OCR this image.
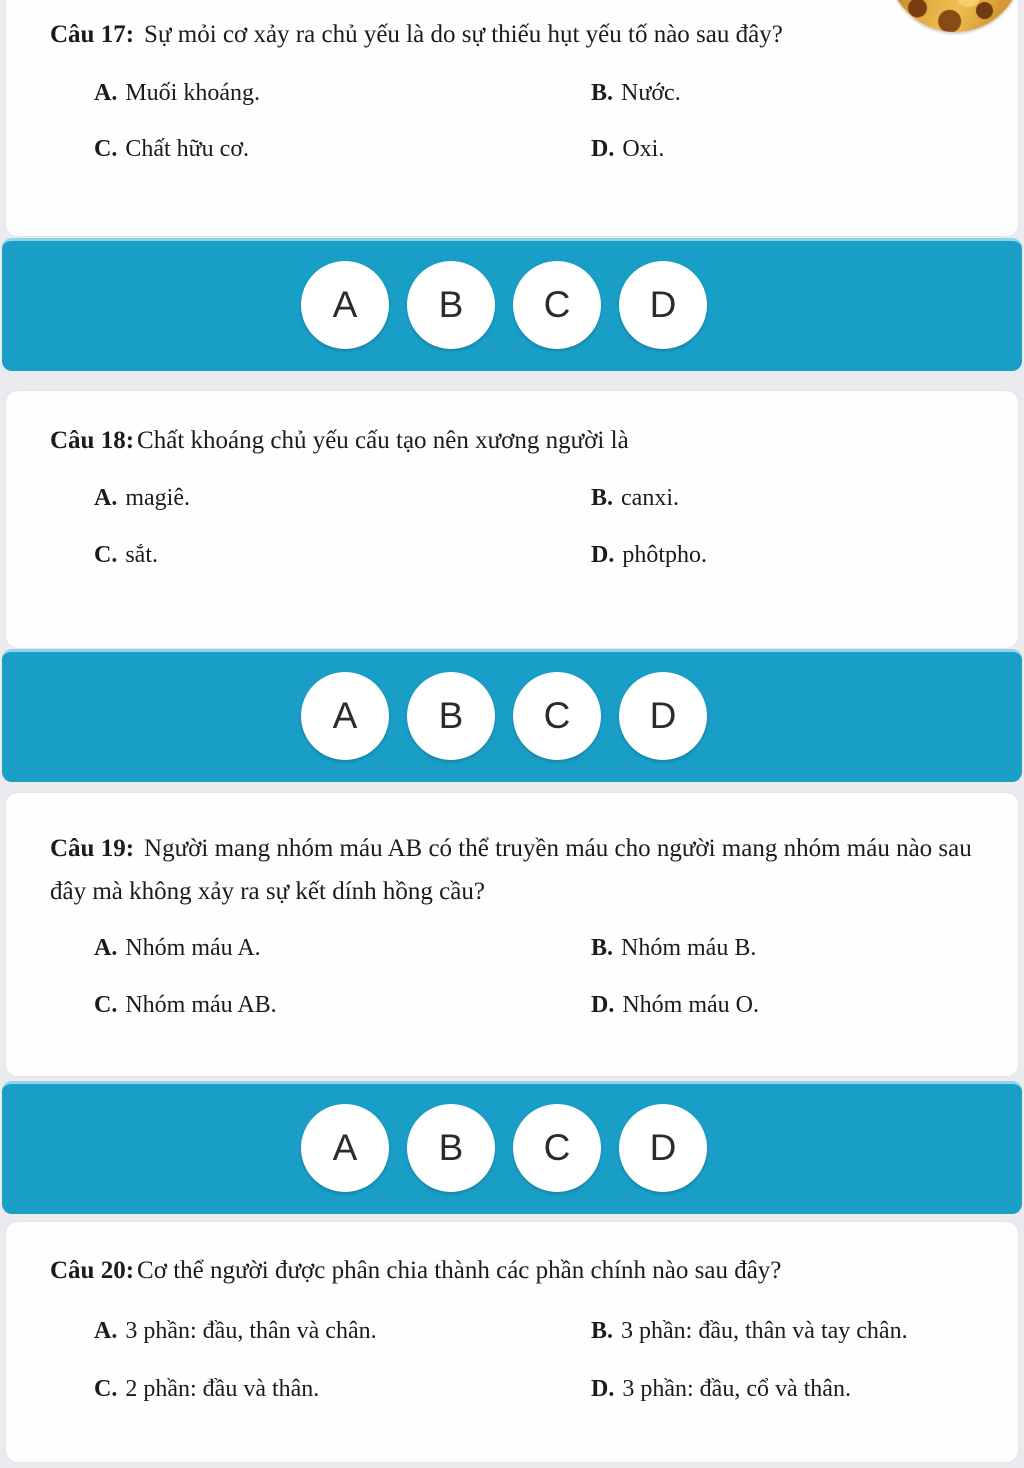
Câu 17: Sự mỏi cơ xảy ra chủ yếu là do sự thiếu hụt yếu tố nào sau đây?

A. Muối khoáng.	B. Nước.
C. Chất hữu cơ.	D. Oxi.
A	B	C	D

Câu 18: Chất khoáng chủ yếu cấu tạo nên xương người là

A. magiê.	B. canxi.
C. sắt.	D. phôtpho.
A	B	C	D

Câu 19: Người mang nhóm máu AB có thể truyền máu cho người mang nhóm máu nào sau đây mà không xảy ra sự kết dính hồng cầu?

A. Nhóm máu A.	B. Nhóm máu B.
C. Nhóm máu AB.	D. Nhóm máu O.
A	B	C	D

Câu 20: Cơ thể người được phân chia thành các phần chính nào sau đây?

A. 3 phần: đầu, thân và chân.	B. 3 phần: đầu, thân và tay chân.
C. 2 phần: đầu và thân.	D. 3 phần: đầu, cổ và thân.
